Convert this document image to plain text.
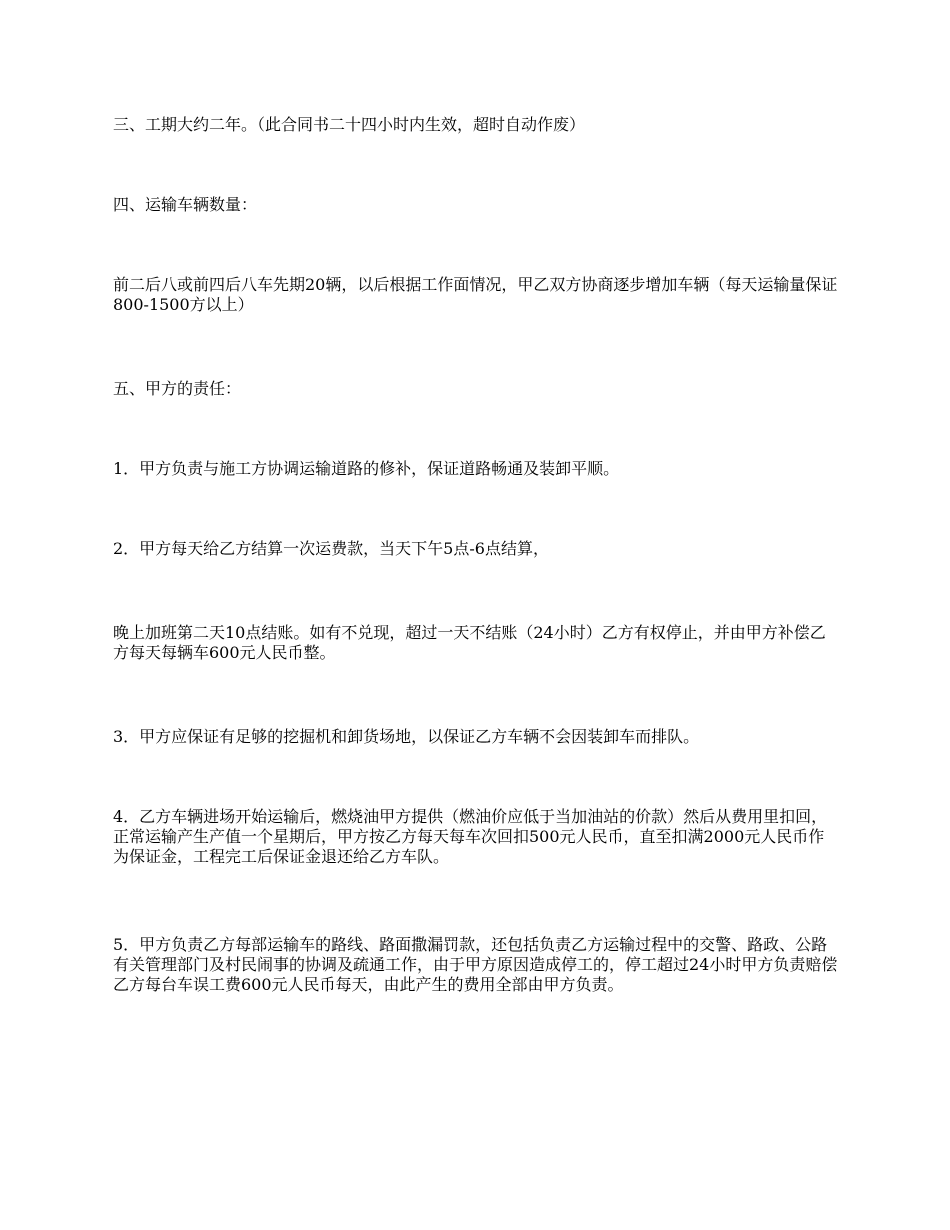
三、工期大约二年。（此合同书二十四小时内生效，超时自动作废）

四、运输车辆数量：

前二后八或前四后八车先期20辆，以后根据工作面情况，甲乙双方协商逐步增加车辆（每天运输量保证800-1500方以上）

五、甲方的责任：

1．甲方负责与施工方协调运输道路的修补，保证道路畅通及装卸平顺。

2．甲方每天给乙方结算一次运费款，当天下午5点-6点结算，

晚上加班第二天10点结账。如有不兑现，超过一天不结账（24小时）乙方有权停止，并由甲方补偿乙方每天每辆车600元人民币整。

3．甲方应保证有足够的挖掘机和卸货场地，以保证乙方车辆不会因装卸车而排队。

4．乙方车辆进场开始运输后，燃烧油甲方提供（燃油价应低于当加油站的价款）然后从费用里扣回，正常运输产生产值一个星期后，甲方按乙方每天每车次回扣500元人民币，直至扣满2000元人民币作为保证金，工程完工后保证金退还给乙方车队。

5．甲方负责乙方每部运输车的路线、路面撒漏罚款，还包括负责乙方运输过程中的交警、路政、公路有关管理部门及村民闹事的协调及疏通工作，由于甲方原因造成停工的，停工超过24小时甲方负责赔偿乙方每台车误工费600元人民币每天，由此产生的费用全部由甲方负责。
